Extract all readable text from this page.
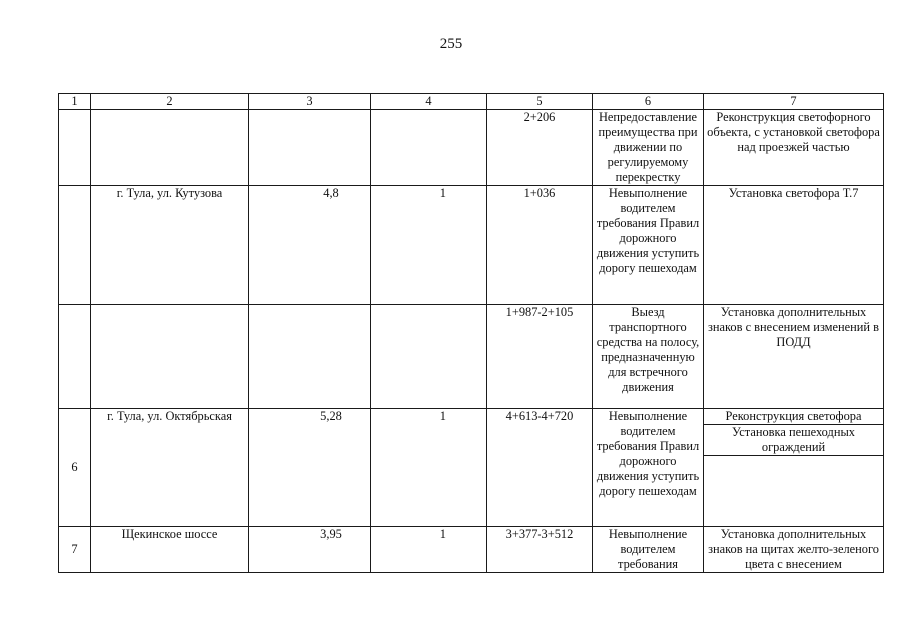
255
1	2	3	4	5	6	7
				2+206	Непредоставление преимущества при движении по регулируемому перекрестку	Реконструкция светофорного объекта, с установкой светофора над проезжей частью

	г. Тула, ул. Кутузова	4,8	1	1+036	Невыполнение водителем требования Правил дорожного движения уступить дорогу пешеходам	Установка светофора Т.7

				1+987-2+105	Выезд транспортного средства на полосу, предназначенную для встречного движения	Установка дополнительных знаков с внесением изменений в ПОДД

6	г. Тула, ул. Октябрьская	5,28	1	4+613-4+720	Невыполнение водителем требования Правил дорожного движения уступить дорогу пешеходам	Реконструкция светофора
Установка пешеходных ограждений

7	Щекинское шоссе	3,95	1	3+377-3+512	Невыполнение водителем требования	Установка дополнительных знаков на щитах желто-зеленого цвета с внесением
